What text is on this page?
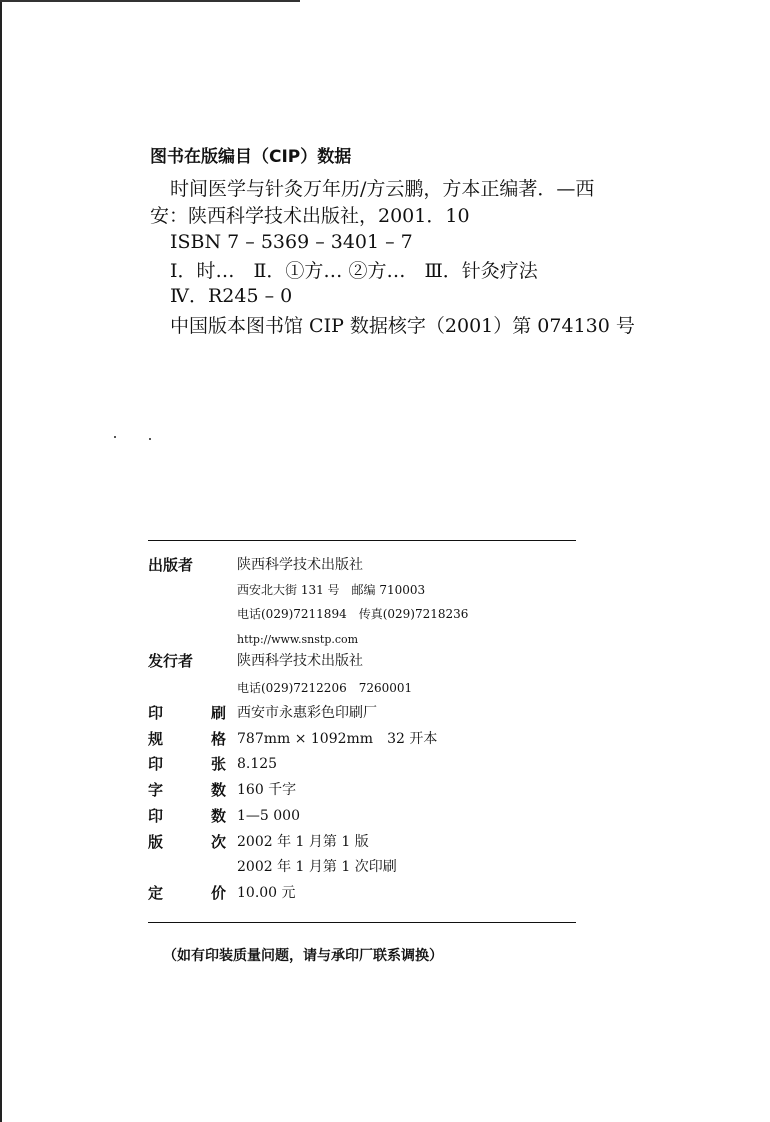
图书在版编目（CIP）数据
时间医学与针灸万年历/方云鹏，方本正编著．—西
安：陕西科学技术出版社，2001．10
ISBN 7 – 5369 – 3401 – 7
Ⅰ．时…　Ⅱ．①方… ②方…　Ⅲ．针灸疗法
Ⅳ．R245 – 0
中国版本图书馆 CIP 数据核字（2001）第 074130 号
出版者	陕西科学技术出版社
西安北大街 131 号　邮编 710003
电话(029)7211894　传真(029)7218236
http://www.snstp.com
发行者	陕西科学技术出版社
电话(029)7212206　7260001
印	刷 西安市永惠彩色印刷厂
规	格 787mm × 1092mm　32 开本
印	张 8.125
字	数 160 千字
印	数 1—5 000
版	次 2002 年 1 月第 1 版
2002 年 1 月第 1 次印刷
定	价 10.00 元
（如有印装质量问题，请与承印厂联系调换）
